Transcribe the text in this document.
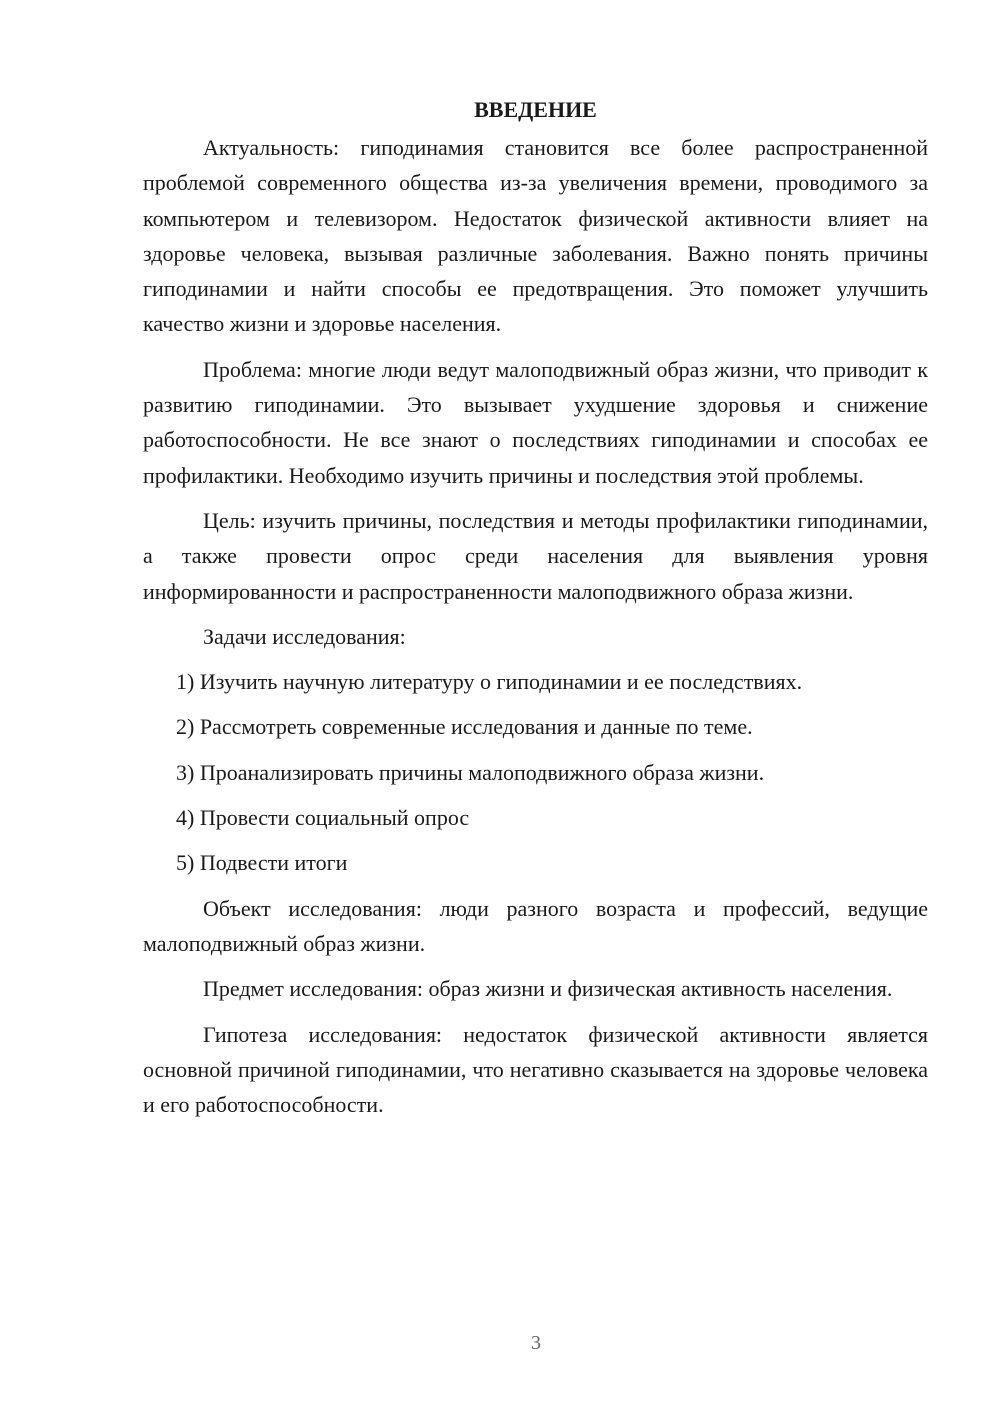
ВВЕДЕНИЕ

Актуальность: гиподинамия становится все более распространенной проблемой современного общества из-за увеличения времени, проводимого за компьютером и телевизором. Недостаток физической активности влияет на здоровье человека, вызывая различные заболевания. Важно понять причины гиподинамии и найти способы ее предотвращения. Это поможет улучшить качество жизни и здоровье населения.

Проблема: многие люди ведут малоподвижный образ жизни, что приводит к развитию гиподинамии. Это вызывает ухудшение здоровья и снижение работоспособности. Не все знают о последствиях гиподинамии и способах ее профилактики. Необходимо изучить причины и последствия этой проблемы.

Цель: изучить причины, последствия и методы профилактики гиподинамии, а также провести опрос среди населения для выявления уровня информированности и распространенности малоподвижного образа жизни.

Задачи исследования:

1) Изучить научную литературу о гиподинамии и ее последствиях.
2) Рассмотреть современные исследования и данные по теме.
3) Проанализировать причины малоподвижного образа жизни.
4) Провести социальный опрос
5) Подвести итоги

Объект исследования: люди разного возраста и профессий, ведущие малоподвижный образ жизни.

Предмет исследования: образ жизни и физическая активность населения.

Гипотеза исследования: недостаток физической активности является основной причиной гиподинамии, что негативно сказывается на здоровье человека и его работоспособности.

3
